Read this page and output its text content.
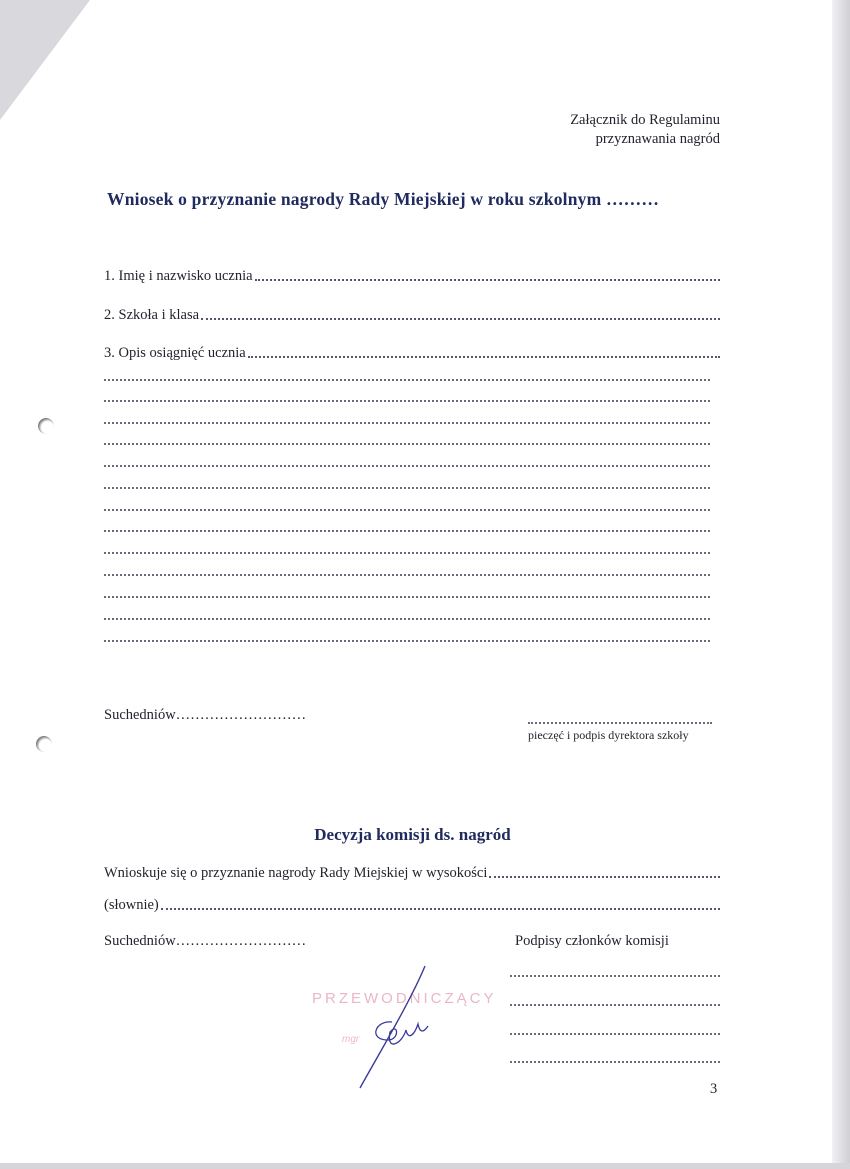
Załącznik do Regulaminu
przyznawania nagród
Wniosek o przyznanie nagrody Rady Miejskiej w roku szkolnym ………
1. Imię i nazwisko ucznia
2. Szkoła i klasa
3. Opis osiągnięć ucznia
Suchedniów………………………
pieczęć i podpis dyrektora szkoły
Decyzja komisji ds. nagród
Wnioskuje się o przyznanie nagrody Rady Miejskiej w wysokości
(słownie)
Suchedniów………………………	Podpisy członków komisji
PRZEWODNICZĄCY
mgr
3
